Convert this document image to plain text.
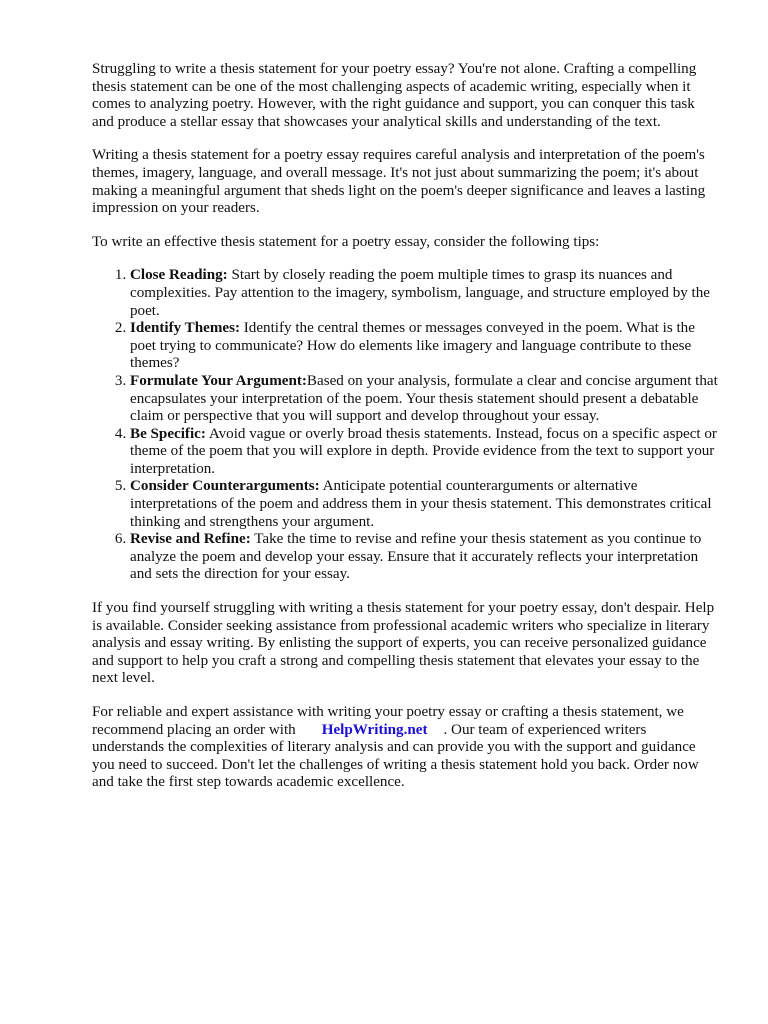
Struggling to write a thesis statement for your poetry essay? You're not alone. Crafting a compelling thesis statement can be one of the most challenging aspects of academic writing, especially when it comes to analyzing poetry. However, with the right guidance and support, you can conquer this task and produce a stellar essay that showcases your analytical skills and understanding of the text.

Writing a thesis statement for a poetry essay requires careful analysis and interpretation of the poem's themes, imagery, language, and overall message. It's not just about summarizing the poem; it's about making a meaningful argument that sheds light on the poem's deeper significance and leaves a lasting impression on your readers.

To write an effective thesis statement for a poetry essay, consider the following tips:

1. Close Reading: Start by closely reading the poem multiple times to grasp its nuances and complexities. Pay attention to the imagery, symbolism, language, and structure employed by the poet.
2. Identify Themes: Identify the central themes or messages conveyed in the poem. What is the poet trying to communicate? How do elements like imagery and language contribute to these themes?
3. Formulate Your Argument:Based on your analysis, formulate a clear and concise argument that encapsulates your interpretation of the poem. Your thesis statement should present a debatable claim or perspective that you will support and develop throughout your essay.
4. Be Specific: Avoid vague or overly broad thesis statements. Instead, focus on a specific aspect or theme of the poem that you will explore in depth. Provide evidence from the text to support your interpretation.
5. Consider Counterarguments: Anticipate potential counterarguments or alternative interpretations of the poem and address them in your thesis statement. This demonstrates critical thinking and strengthens your argument.
6. Revise and Refine: Take the time to revise and refine your thesis statement as you continue to analyze the poem and develop your essay. Ensure that it accurately reflects your interpretation and sets the direction for your essay.

If you find yourself struggling with writing a thesis statement for your poetry essay, don't despair. Help is available. Consider seeking assistance from professional academic writers who specialize in literary analysis and essay writing. By enlisting the support of experts, you can receive personalized guidance and support to help you craft a strong and compelling thesis statement that elevates your essay to the next level.

For reliable and expert assistance with writing your poetry essay or crafting a thesis statement, we recommend placing an order with HelpWriting.net . Our team of experienced writers understands the complexities of literary analysis and can provide you with the support and guidance you need to succeed. Don't let the challenges of writing a thesis statement hold you back. Order now and take the first step towards academic excellence.
